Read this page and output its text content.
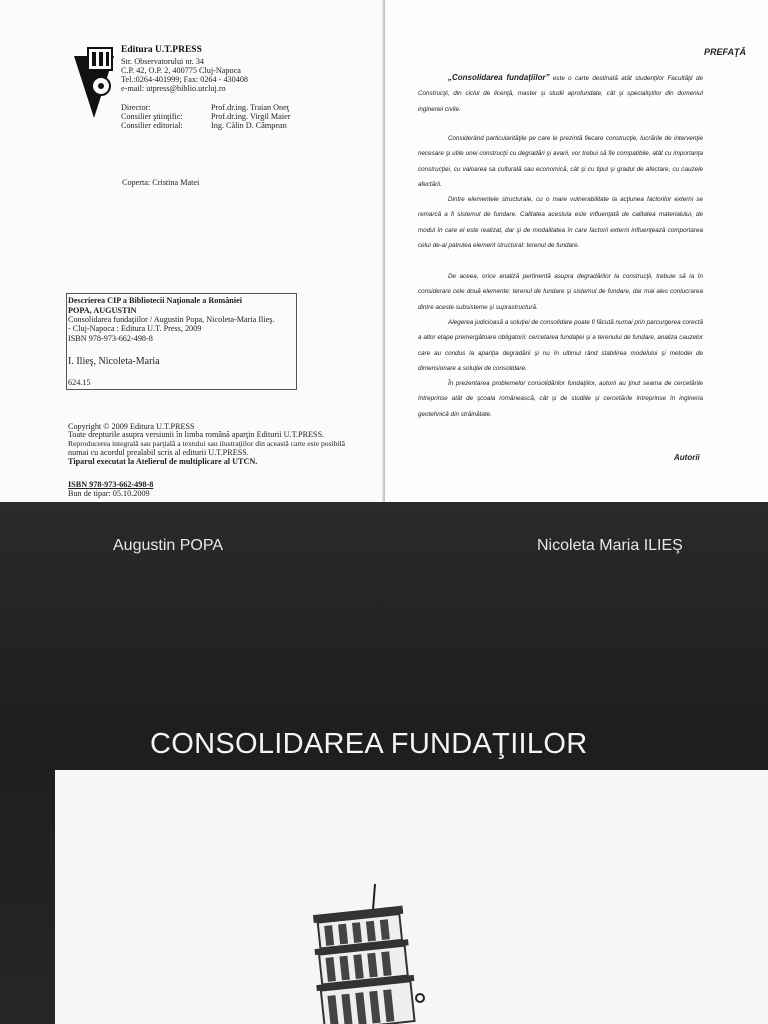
Editura U.T.PRESS
Str. Observatorului nr. 34
C.P. 42, O.P. 2, 400775 Cluj-Napoca
Tel.:0264-401999; Fax: 0264 - 430408
e-mail: utpress@biblio.utcluj.ro
Director:	Prof.dr.ing. Traian Oneţ
Consilier ştiinţific:	Prof.dr.ing. Virgil Maier
Consilier editorial:	Ing. Călin D. Câmpean
Coperta: Cristina Matei
Descrierea CIP a Bibliotecii Naţionale a României
POPA, AUGUSTIN
Consolidarea fundaţiilor / Augustin Popa, Nicoleta-Maria Ilieş.
- Cluj-Napoca : Editura U.T. Press, 2009
ISBN 978-973-662-498-8
I. Ilieş, Nicoleta-Maria
624.15
Copyright © 2009 Editura U.T.PRESS
Toate drepturile asupra versiunii în limba română aparţin Editurii U.T.PRESS.
Reproducerea integrală sau parţială a textului sau ilustraţiilor din această carte este posibilă
numai cu acordul prealabil scris al editurii U.T.PRESS.
Tiparul executat la Atelierul de multiplicare al UTCN.
ISBN 978-973-662-498-8
Bun de tipar: 05.10.2009
PREFAŢĂ

„Consolidarea fundaţiilor” este o carte destinată atât studenţilor Facultăţii de Construcţii, din ciclul de licenţă, master şi studii aprofundate, cât şi specialiştilor din domeniul ingineriei civile.

Considerând particularităţile pe care le prezintă fiecare construcţie, lucrările de intervenţie necesare şi utile unei construcţii cu degradări şi avarii, vor trebui să fie compatibile, atât cu importanţa construcţiei, cu valoarea sa culturală sau economică, cât şi cu tipul şi gradul de afectare, cu cauzele afectării.

Dintre elementele structurale, cu o mare vulnerabilitate la acţiunea factorilor externi se remarcă a fi sistemul de fundare. Calitatea acestuia este influenţată de calitatea materialului, de modul în care el este realizat, dar şi de modalitatea în care factorii externi influenţează comportarea celui de-al patrulea element structural: terenul de fundare.

De aceea, orice analiză pertinentă asupra degradărilor la construcţii, trebuie să ia în considerare cele două elemente: terenul de fundare şi sistemul de fundare, dar mai ales conlucrarea dintre aceste subsisteme şi suprastructură.

Alegerea judicioasă a soluţiei de consolidare poate fi făcută numai prin parcurgerea corectă a altor etape premergătoare obligatorii: cercetarea fundaţiei şi a terenului de fundare, analiza cauzelor care au condus la apariţia degradării şi nu în ultimul rând stabilirea modelului şi metodei de dimensionare a soluţiei de consolidare.

În prezentarea problemelor consolidărilor fundaţiilor, autorii au ţinut seama de cercetările întreprinse atât de şcoala românească, cât şi de studiile şi cercetările întreprinse în ingineria geotehnică din străinătate.

Autorii
Augustin POPA	Nicoleta Maria ILIEŞ
CONSOLIDAREA FUNDAŢIILOR
